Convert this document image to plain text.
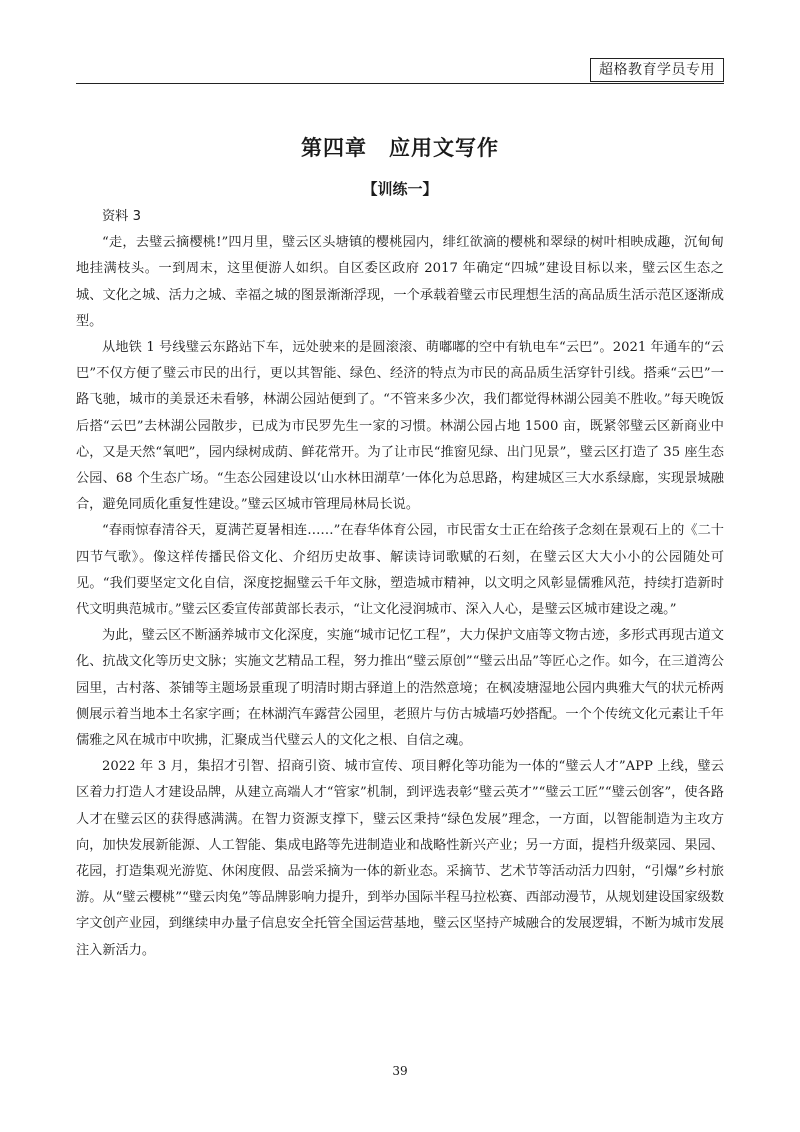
超格教育学员专用
第四章 应用文写作
【训练一】
资料 3

“走，去璧云摘樱桃!”四月里，璧云区头塘镇的樱桃园内，绯红欲滴的樱桃和翠绿的树叶相映成趣，沉甸甸地挂满枝头。一到周末，这里便游人如织。自区委区政府 2017 年确定“四城”建设目标以来，璧云区生态之城、文化之城、活力之城、幸福之城的图景渐渐浮现，一个承载着璧云市民理想生活的高品质生活示范区逐渐成型。

从地铁 1 号线璧云东路站下车，远处驶来的是圆滚滚、萌嘟嘟的空中有轨电车“云巴”。2021 年通车的“云巴”不仅方便了璧云市民的出行，更以其智能、绿色、经济的特点为市民的高品质生活穿针引线。搭乘“云巴”一路飞驰，城市的美景还未看够，林湖公园站便到了。“不管来多少次，我们都觉得林湖公园美不胜收。”每天晚饭后搭“云巴”去林湖公园散步，已成为市民罗先生一家的习惯。林湖公园占地 1500 亩，既紧邻璧云区新商业中心，又是天然“氧吧”，园内绿树成荫、鲜花常开。为了让市民“推窗见绿、出门见景”，璧云区打造了 35 座生态公园、68 个生态广场。“生态公园建设以‘山水林田湖草’一体化为总思路，构建城区三大水系绿廊，实现景城融合，避免同质化重复性建设。”璧云区城市管理局林局长说。

“春雨惊春清谷天，夏满芒夏暑相连……”在春华体育公园，市民雷女士正在给孩子念刻在景观石上的《二十四节气歌》。像这样传播民俗文化、介绍历史故事、解读诗词歌赋的石刻，在璧云区大大小小的公园随处可见。“我们要坚定文化自信，深度挖掘璧云千年文脉，塑造城市精神，以文明之风彰显儒雅风范，持续打造新时代文明典范城市。”璧云区委宣传部黄部长表示，“让文化浸润城市、深入人心，是璧云区城市建设之魂。”

为此，璧云区不断涵养城市文化深度，实施“城市记忆工程”，大力保护文庙等文物古迹，多形式再现古道文化、抗战文化等历史文脉；实施文艺精品工程，努力推出“璧云原创”“璧云出品”等匠心之作。如今，在三道湾公园里，古村落、茶铺等主题场景重现了明清时期古驿道上的浩然意境；在枫凌塘湿地公园内典雅大气的状元桥两侧展示着当地本土名家字画；在林湖汽车露营公园里，老照片与仿古城墙巧妙搭配。一个个传统文化元素让千年儒雅之风在城市中吹拂，汇聚成当代璧云人的文化之根、自信之魂。

2022 年 3 月，集招才引智、招商引资、城市宣传、项目孵化等功能为一体的“璧云人才”APP 上线，璧云区着力打造人才建设品牌，从建立高端人才“管家”机制，到评选表彰“璧云英才”“璧云工匠”“璧云创客”，使各路人才在璧云区的获得感满满。在智力资源支撑下，璧云区秉持“绿色发展”理念，一方面，以智能制造为主攻方向，加快发展新能源、人工智能、集成电路等先进制造业和战略性新兴产业；另一方面，提档升级菜园、果园、花园，打造集观光游览、休闲度假、品尝采摘为一体的新业态。采摘节、艺术节等活动活力四射，“引爆”乡村旅游。从“璧云樱桃”“璧云肉兔”等品牌影响力提升，到举办国际半程马拉松赛、西部动漫节，从规划建设国家级数字文创产业园，到继续申办量子信息安全托管全国运营基地，璧云区坚持产城融合的发展逻辑，不断为城市发展注入新活力。

39
